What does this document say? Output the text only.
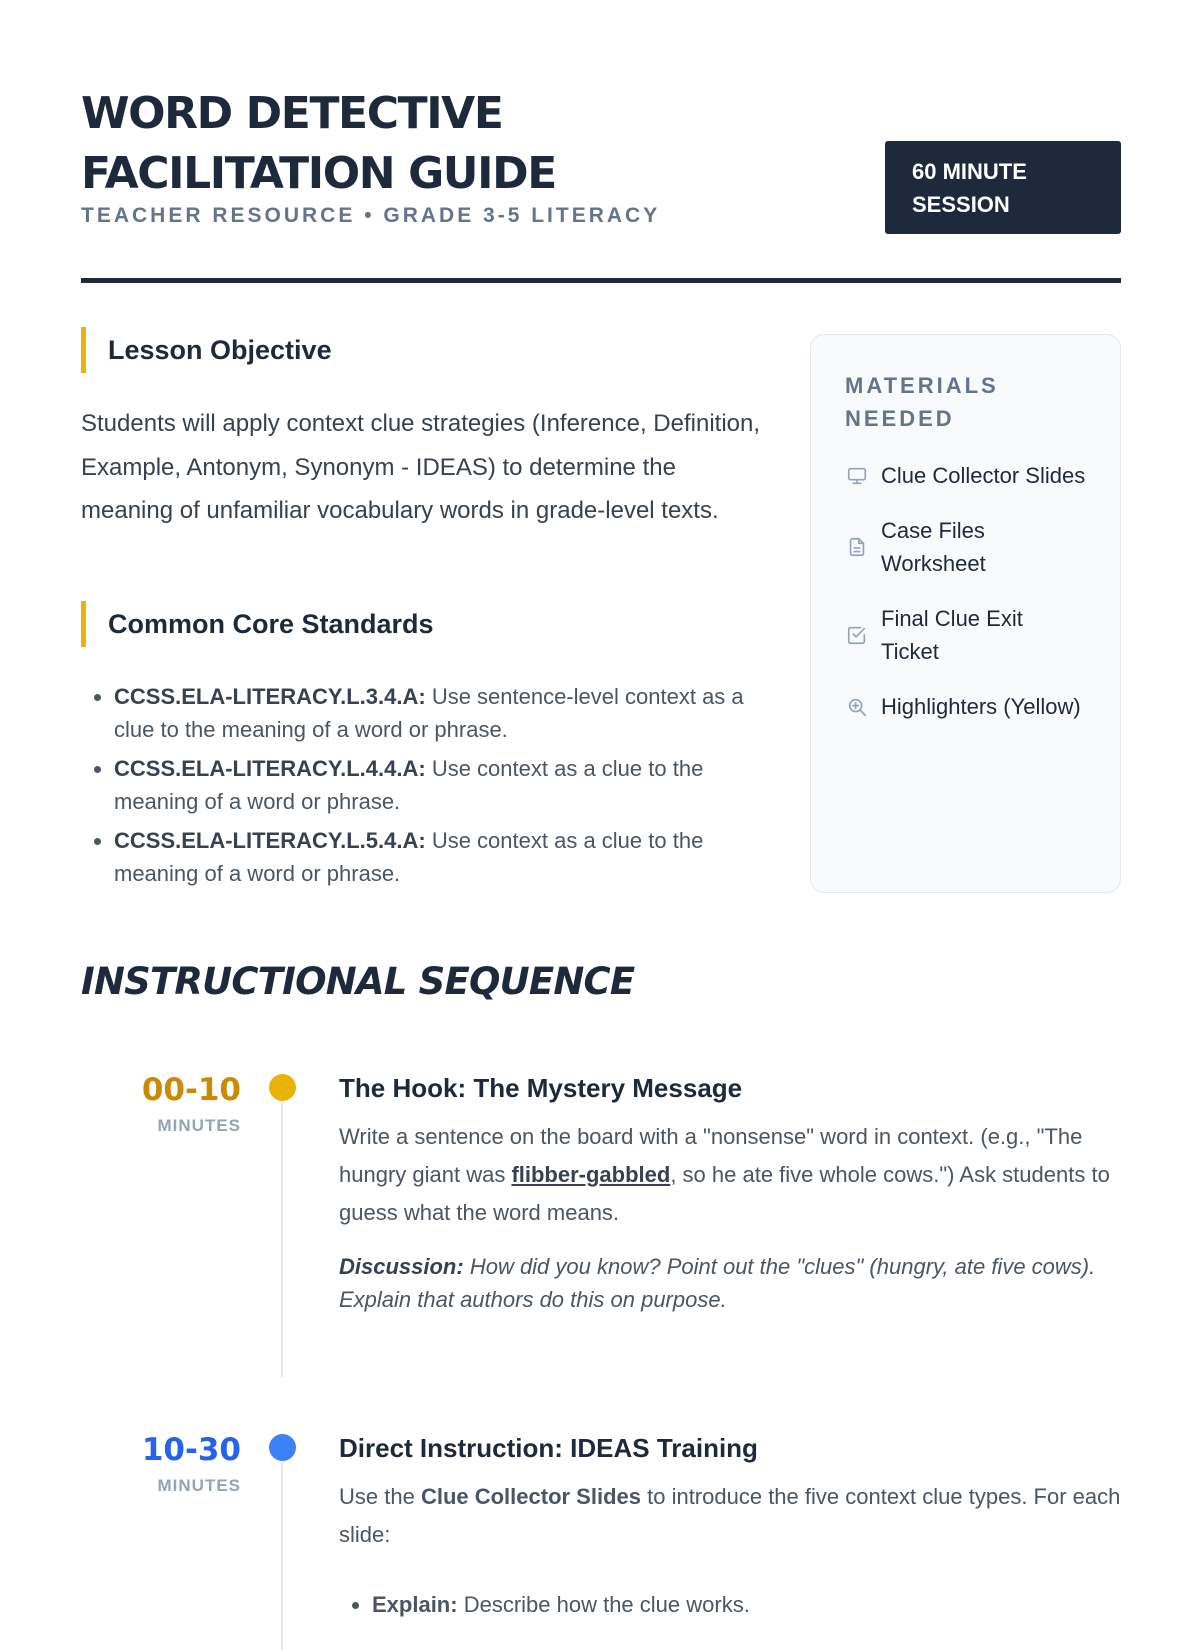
WORD DETECTIVE
FACILITATION GUIDE
TEACHER RESOURCE • GRADE 3-5 LITERACY
60 MINUTE
SESSION
Lesson Objective

Students will apply context clue strategies (Inference, Definition, Example, Antonym, Synonym - IDEAS) to determine the meaning of unfamiliar vocabulary words in grade-level texts.

Common Core Standards
• CCSS.ELA-LITERACY.L.3.4.A: Use sentence-level context as a clue to the meaning of a word or phrase.
• CCSS.ELA-LITERACY.L.4.4.A: Use context as a clue to the meaning of a word or phrase.
• CCSS.ELA-LITERACY.L.5.4.A: Use context as a clue to the meaning of a word or phrase.
MATERIALS NEEDED
Clue Collector Slides
Case Files Worksheet
Final Clue Exit Ticket
Highlighters (Yellow)
INSTRUCTIONAL SEQUENCE
00-10
MINUTES
The Hook: The Mystery Message

Write a sentence on the board with a "nonsense" word in context. (e.g., "The hungry giant was flibber-gabbled, so he ate five whole cows.") Ask students to guess what the word means.

Discussion: How did you know? Point out the "clues" (hungry, ate five cows). Explain that authors do this on purpose.

10-30
MINUTES
Direct Instruction: IDEAS Training

Use the Clue Collector Slides to introduce the five context clue types. For each slide:

• Explain: Describe how the clue works.
